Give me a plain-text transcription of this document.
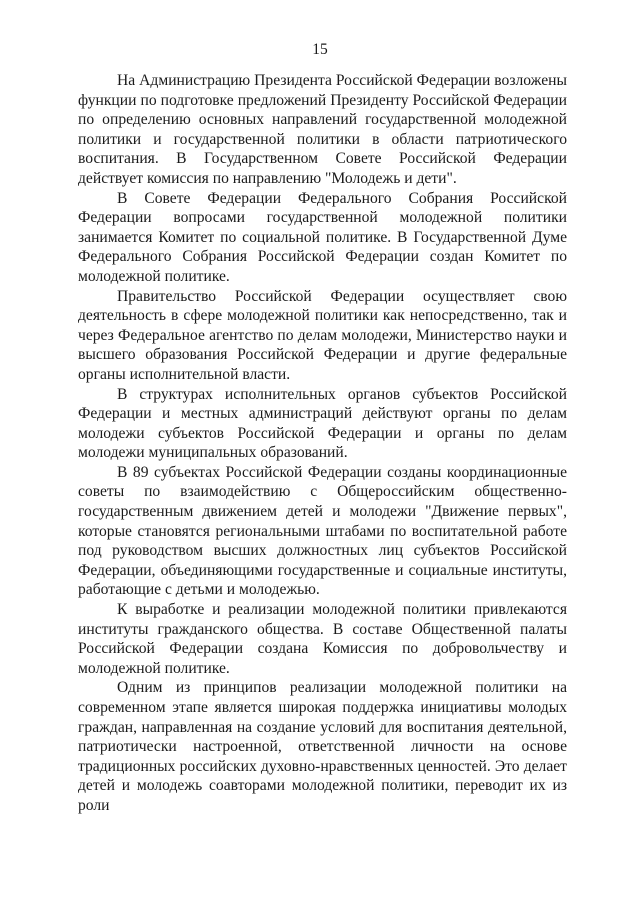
15

На Администрацию Президента Российской Федерации возложены функции по подготовке предложений Президенту Российской Федерации по определению основных направлений государственной молодежной политики и государственной политики в области патриотического воспитания. В Государственном Совете Российской Федерации действует комиссия по направлению "Молодежь и дети".

В Совете Федерации Федерального Собрания Российской Федерации вопросами государственной молодежной политики занимается Комитет по социальной политике. В Государственной Думе Федерального Собрания Российской Федерации создан Комитет по молодежной политике.

Правительство Российской Федерации осуществляет свою деятельность в сфере молодежной политики как непосредственно, так и через Федеральное агентство по делам молодежи, Министерство науки и высшего образования Российской Федерации и другие федеральные органы исполнительной власти.

В структурах исполнительных органов субъектов Российской Федерации и местных администраций действуют органы по делам молодежи субъектов Российской Федерации и органы по делам молодежи муниципальных образований.

В 89 субъектах Российской Федерации созданы координационные советы по взаимодействию с Общероссийским общественно-государственным движением детей и молодежи "Движение первых", которые становятся региональными штабами по воспитательной работе под руководством высших должностных лиц субъектов Российской Федерации, объединяющими государственные и социальные институты, работающие с детьми и молодежью.

К выработке и реализации молодежной политики привлекаются институты гражданского общества. В составе Общественной палаты Российской Федерации создана Комиссия по добровольчеству и молодежной политике.

Одним из принципов реализации молодежной политики на современном этапе является широкая поддержка инициативы молодых граждан, направленная на создание условий для воспитания деятельной, патриотически настроенной, ответственной личности на основе традиционных российских духовно-нравственных ценностей. Это делает детей и молодежь соавторами молодежной политики, переводит их из роли
